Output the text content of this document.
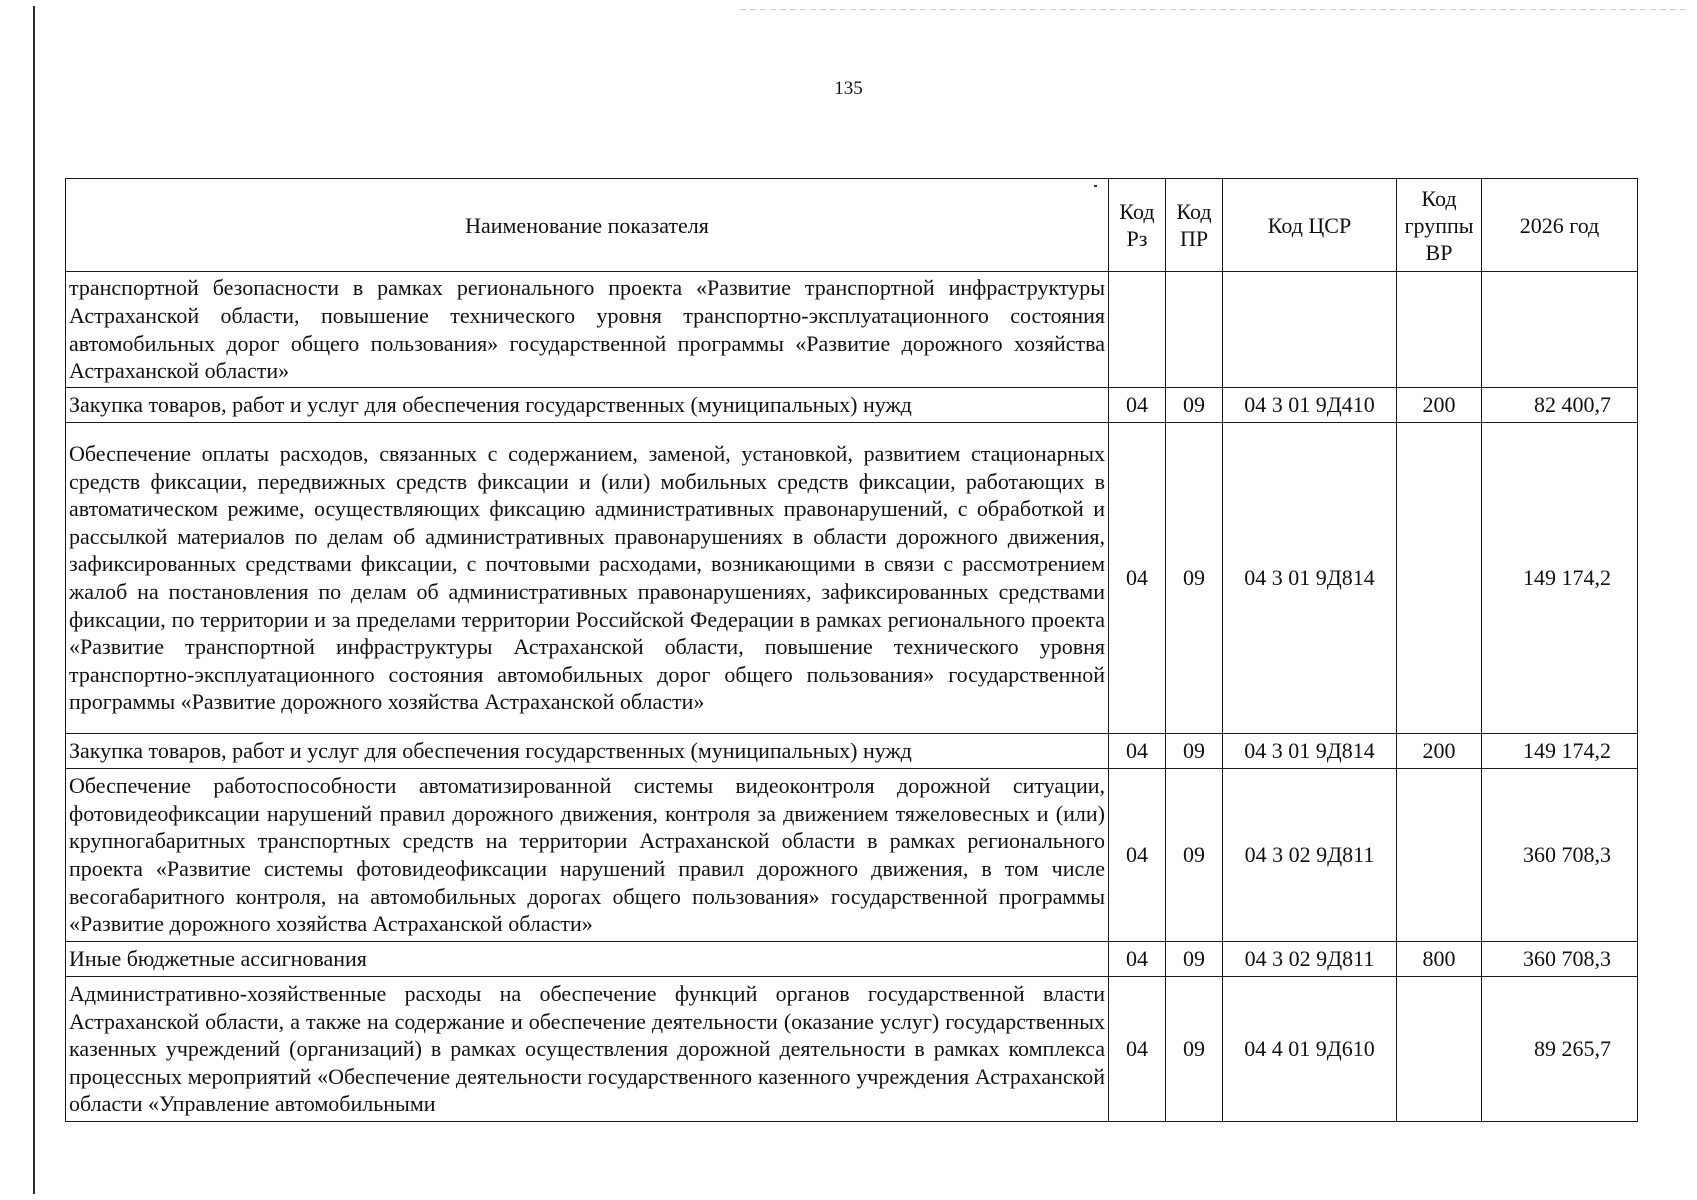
135
Наименование показателя	Код Рз	Код ПР	Код ЦСР	Код группы ВР	2026 год
транспортной безопасности в рамках регионального проекта «Развитие транспортной инфраструктуры Астраханской области, повышение технического уровня транспортно-эксплуатационного состояния автомобильных дорог общего пользования» государственной программы «Развитие дорожного хозяйства Астраханской области»					
Закупка товаров, работ и услуг для обеспечения государственных (муниципальных) нужд	04	09	04 3 01 9Д410	200	82 400,7
Обеспечение оплаты расходов, связанных с содержанием, заменой, установкой, развитием стационарных средств фиксации, передвижных средств фиксации и (или) мобильных средств фиксации, работающих в автоматическом режиме, осуществляющих фиксацию административных правонарушений, с обработкой и рассылкой материалов по делам об административных правонарушениях в области дорожного движения, зафиксированных средствами фиксации, с почтовыми расходами, возникающими в связи с рассмотрением жалоб на постановления по делам об административных правонарушениях, зафиксированных средствами фиксации, по территории и за пределами территории Российской Федерации в рамках регионального проекта «Развитие транспортной инфраструктуры Астраханской области, повышение технического уровня транспортно-эксплуатационного состояния автомобильных дорог общего пользования» государственной программы «Развитие дорожного хозяйства Астраханской области»	04	09	04 3 01 9Д814		149 174,2
Закупка товаров, работ и услуг для обеспечения государственных (муниципальных) нужд	04	09	04 3 01 9Д814	200	149 174,2
Обеспечение работоспособности автоматизированной системы видеоконтроля дорожной ситуации, фотовидеофиксации нарушений правил дорожного движения, контроля за движением тяжеловесных и (или) крупногабаритных транспортных средств на территории Астраханской области в рамках регионального проекта «Развитие системы фотовидеофиксации нарушений правил дорожного движения, в том числе весогабаритного контроля, на автомобильных дорогах общего пользования» государственной программы «Развитие дорожного хозяйства Астраханской области»	04	09	04 3 02 9Д811		360 708,3
Иные бюджетные ассигнования	04	09	04 3 02 9Д811	800	360 708,3
Административно-хозяйственные расходы на обеспечение функций органов государственной власти Астраханской области, а также на содержание и обеспечение деятельности (оказание услуг) государственных казенных учреждений (организаций) в рамках осуществления дорожной деятельности в рамках комплекса процессных мероприятий «Обеспечение деятельности государственного казенного учреждения Астраханской области «Управление автомобильными	04	09	04 4 01 9Д610		89 265,7
